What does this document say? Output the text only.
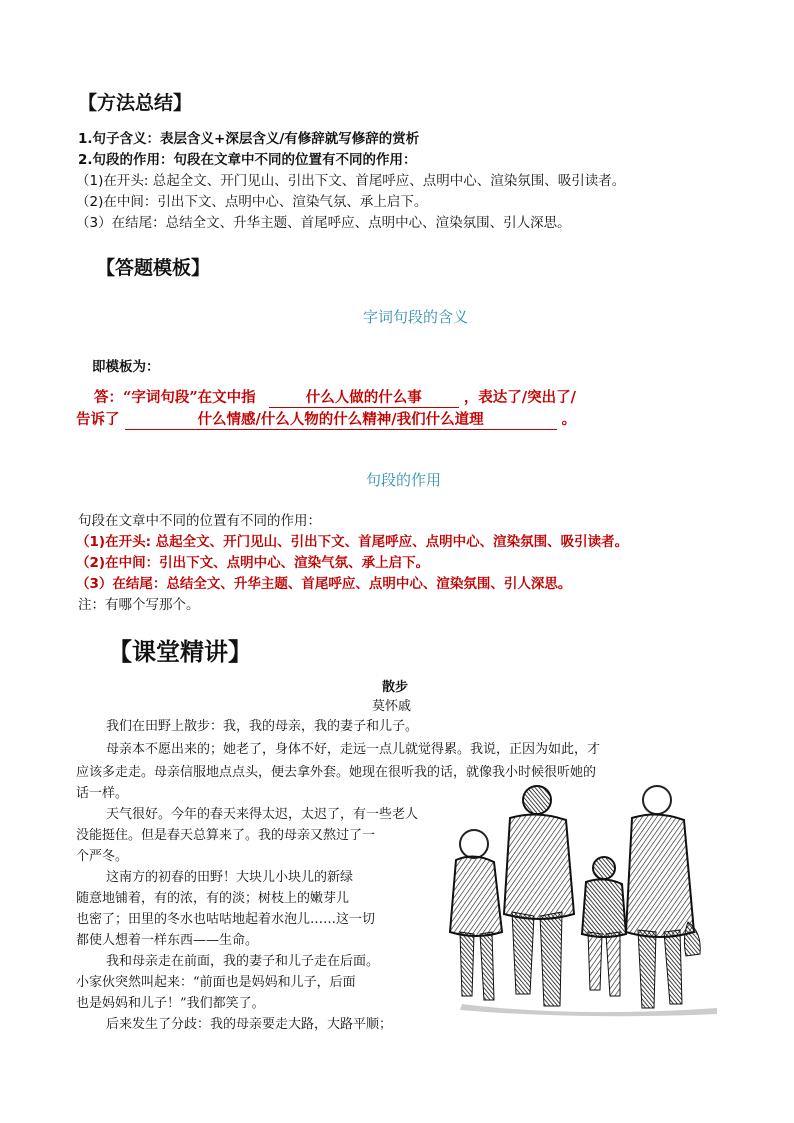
【方法总结】
1.句子含义：表层含义+深层含义/有修辞就写修辞的赏析
2.句段的作用：句段在文章中不同的位置有不同的作用：
（1)在开头: 总起全文、开门见山、引出下文、首尾呼应、点明中心、渲染氛围、吸引读者。
（2)在中间：引出下文、点明中心、渲染气氛、承上启下。
（3）在结尾：总结全文、升华主题、首尾呼应、点明中心、渲染氛围、引人深思。
【答题模板】
字词句段的含义
即模板为：
答：“字词句段”在文中指	什么人做的什么事	，表达了/突出了/
告诉了	什么情感/什么人物的什么精神/我们什么道理	。
句段的作用
句段在文章中不同的位置有不同的作用：
（1)在开头: 总起全文、开门见山、引出下文、首尾呼应、点明中心、渲染氛围、吸引读者。
（2)在中间：引出下文、点明中心、渲染气氛、承上启下。
（3）在结尾：总结全文、升华主题、首尾呼应、点明中心、渲染氛围、引人深思。
注：有哪个写那个。
【课堂精讲】
散步
莫怀戚
我们在田野上散步：我，我的母亲，我的妻子和儿子。
母亲本不愿出来的；她老了，身体不好，走远一点儿就觉得累。我说，正因为如此，才
应该多走走。母亲信服地点点头，便去拿外套。她现在很听我的话，就像我小时候很听她的
话一样。
天气很好。今年的春天来得太迟，太迟了，有一些老人
没能挺住。但是春天总算来了。我的母亲又熬过了一
个严冬。
这南方的初春的田野！大块儿小块儿的新绿
随意地铺着，有的浓，有的淡；树枝上的嫩芽儿
也密了；田里的冬水也咕咕地起着水泡儿……这一切
都使人想着一样东西——生命。
我和母亲走在前面，我的妻子和儿子走在后面。
小家伙突然叫起来：“前面也是妈妈和儿子，后面
也是妈妈和儿子！”我们都笑了。
后来发生了分歧：我的母亲要走大路，大路平顺；
